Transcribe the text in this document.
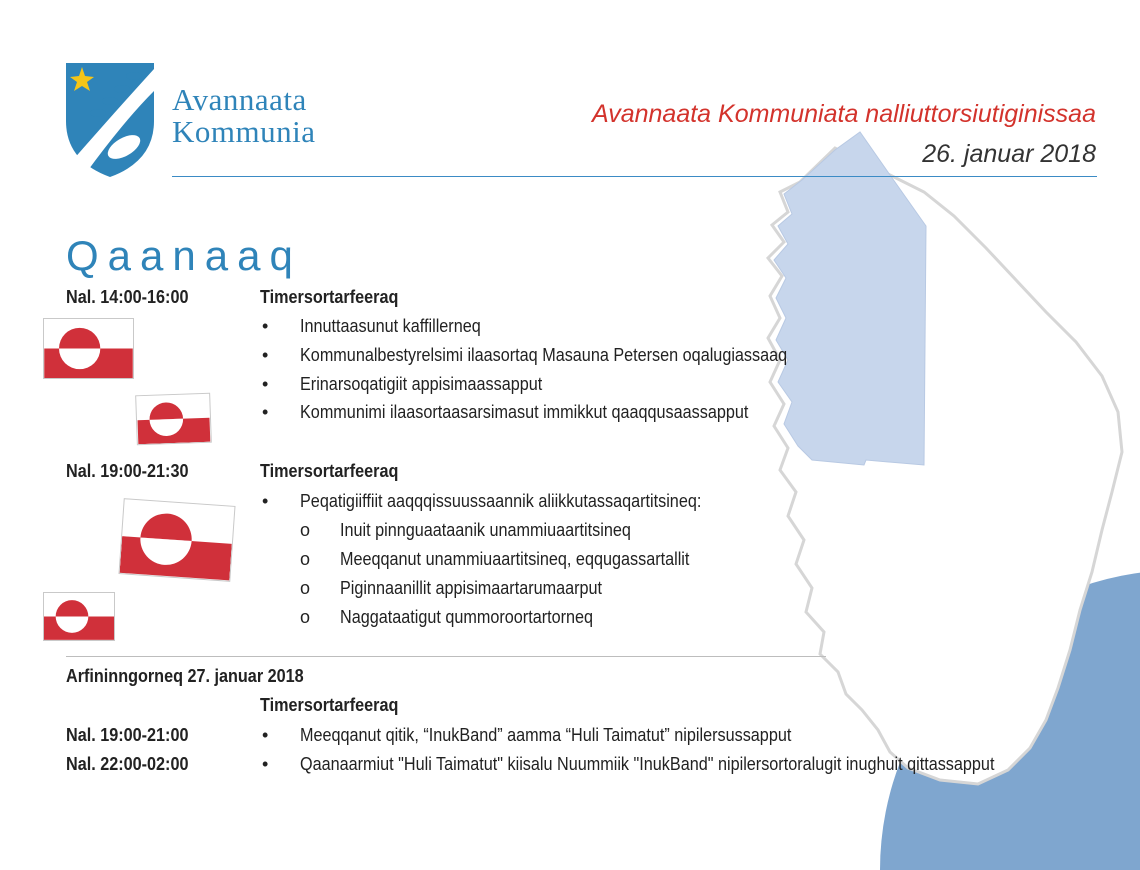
Avannaata
Kommunia	Avannaata Kommuniata nalliuttorsiutiginissaa
26. januar 2018
Qaanaaq
Nal. 14:00-16:00	Timersortarfeeraq
• Innuttaasunut kaffillerneq
• Kommunalbestyrelsimi ilaasortaq Masauna Petersen oqalugiassaaq
• Erinarsoqatigiit appisimaassapput
• Kommunimi ilaasortaasarsimasut immikkut qaaqqusaassapput
Nal. 19:00-21:30	Timersortarfeeraq
• Peqatigiiffiit aaqqqissuussaannik aliikkutassaqartitsineq:
o Inuit pinnguaataanik unammiuaartitsineq
o Meeqqanut unammiuaartitsineq, eqqugassartallit
o Piginnaanillit appisimaartarumaarput
o Naggataatigut qummoroortartorneq
Arfininngorneq 27. januar 2018
Timersortarfeeraq
Nal. 19:00-21:00	• Meeqqanut qitik, “InukBand” aamma “Huli Taimatut” nipilersussapput
Nal. 22:00-02:00	• Qaanaarmiut "Huli Taimatut" kiisalu Nuummiik "InukBand" nipilersortoralugit inughuit qittassapput
